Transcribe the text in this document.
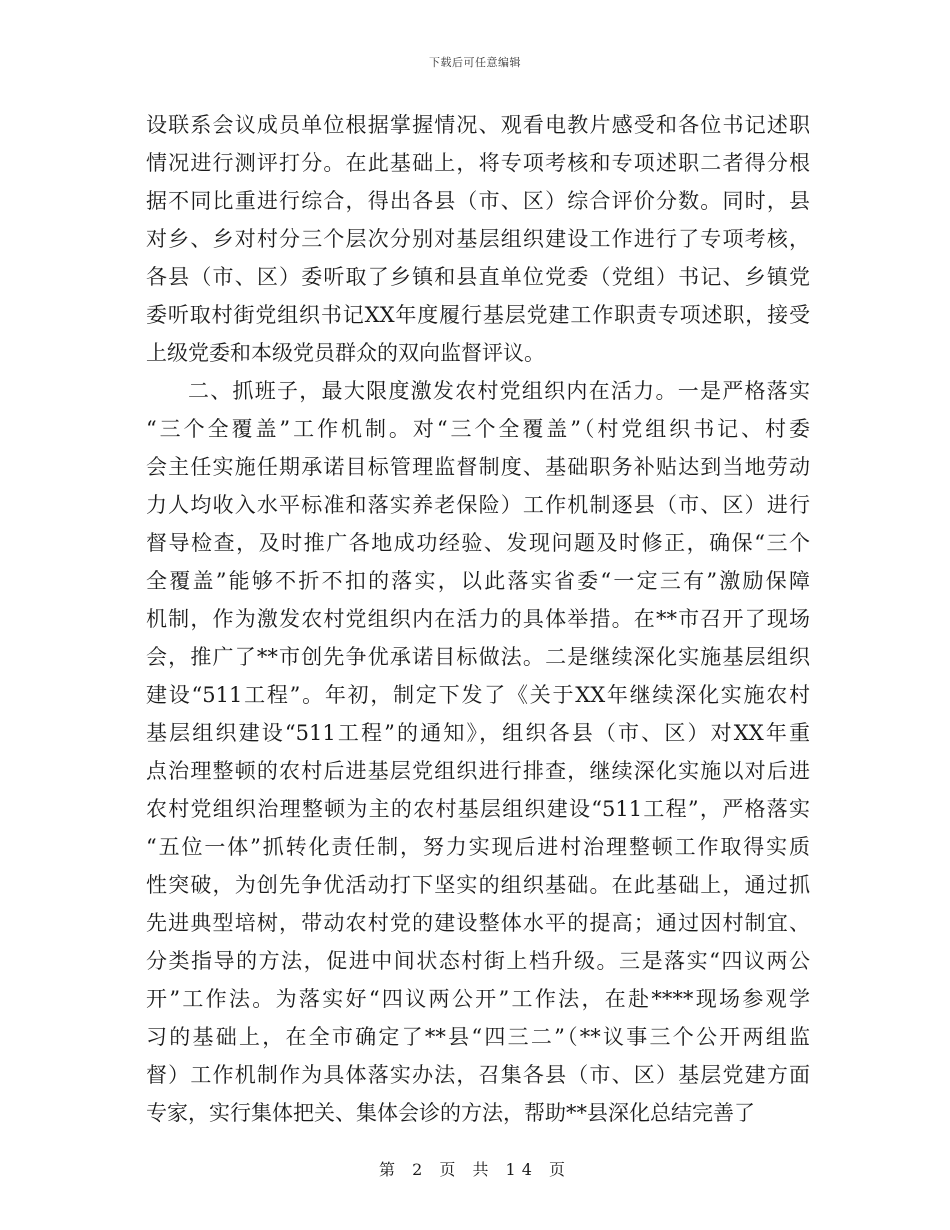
下载后可任意编辑
设联系会议成员单位根据掌握情况、观看电教片感受和各位书记述职
情况进行测评打分。在此基础上，将专项考核和专项述职二者得分根
据不同比重进行综合，得出各县（市、区）综合评价分数。同时，县
对乡、乡对村分三个层次分别对基层组织建设工作进行了专项考核，
各县（市、区）委听取了乡镇和县直单位党委（党组）书记、乡镇党
委听取村街党组织书记XX年度履行基层党建工作职责专项述职，接受
上级党委和本级党员群众的双向监督评议。
二、抓班子，最大限度激发农村党组织内在活力。一是严格落实
“三个全覆盖”工作机制。对“三个全覆盖”（村党组织书记、村委
会主任实施任期承诺目标管理监督制度、基础职务补贴达到当地劳动
力人均收入水平标准和落实养老保险）工作机制逐县（市、区）进行
督导检查，及时推广各地成功经验、发现问题及时修正，确保“三个
全覆盖”能够不折不扣的落实，以此落实省委“一定三有”激励保障
机制，作为激发农村党组织内在活力的具体举措。在**市召开了现场
会，推广了**市创先争优承诺目标做法。二是继续深化实施基层组织
建设“511工程”。年初，制定下发了《关于XX年继续深化实施农村
基层组织建设“511工程”的通知》，组织各县（市、区）对XX年重
点治理整顿的农村后进基层党组织进行排查，继续深化实施以对后进
农村党组织治理整顿为主的农村基层组织建设“511工程”，严格落实
“五位一体”抓转化责任制，努力实现后进村治理整顿工作取得实质
性突破，为创先争优活动打下坚实的组织基础。在此基础上，通过抓
先进典型培树，带动农村党的建设整体水平的提高；通过因村制宜、
分类指导的方法，促进中间状态村街上档升级。三是落实“四议两公
开”工作法。为落实好“四议两公开”工作法，在赴****现场参观学
习的基础上，在全市确定了**县“四三二”（**议事三个公开两组监
督）工作机制作为具体落实办法，召集各县（市、区）基层党建方面
专家，实行集体把关、集体会诊的方法，帮助**县深化总结完善了
第 2 页 共 14 页
